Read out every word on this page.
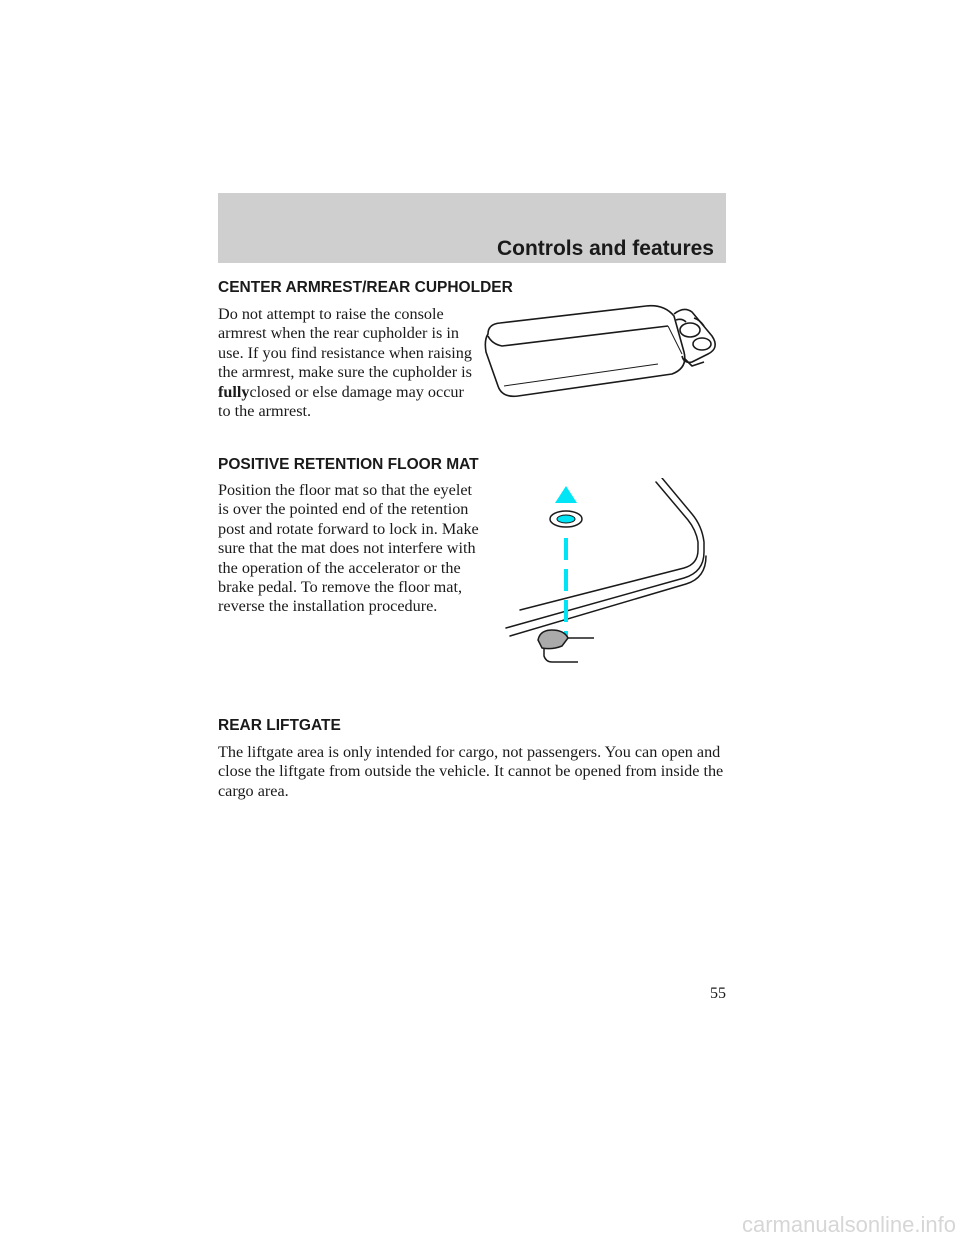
Controls and features
CENTER ARMREST/REAR CUPHOLDER
Do not attempt to raise the console armrest when the rear cupholder is in use. If you find resistance when raising the armrest, make sure the cupholder is fullyclosed or else damage may occur to the armrest.
POSITIVE RETENTION FLOOR MAT
Position the floor mat so that the eyelet is over the pointed end of the retention post and rotate forward to lock in. Make sure that the mat does not interfere with the operation of the accelerator or the brake pedal. To remove the floor mat, reverse the installation procedure.
REAR LIFTGATE
The liftgate area is only intended for cargo, not passengers. You can open and close the liftgate from outside the vehicle. It cannot be opened from inside the cargo area.
55
carmanualsonline.info
